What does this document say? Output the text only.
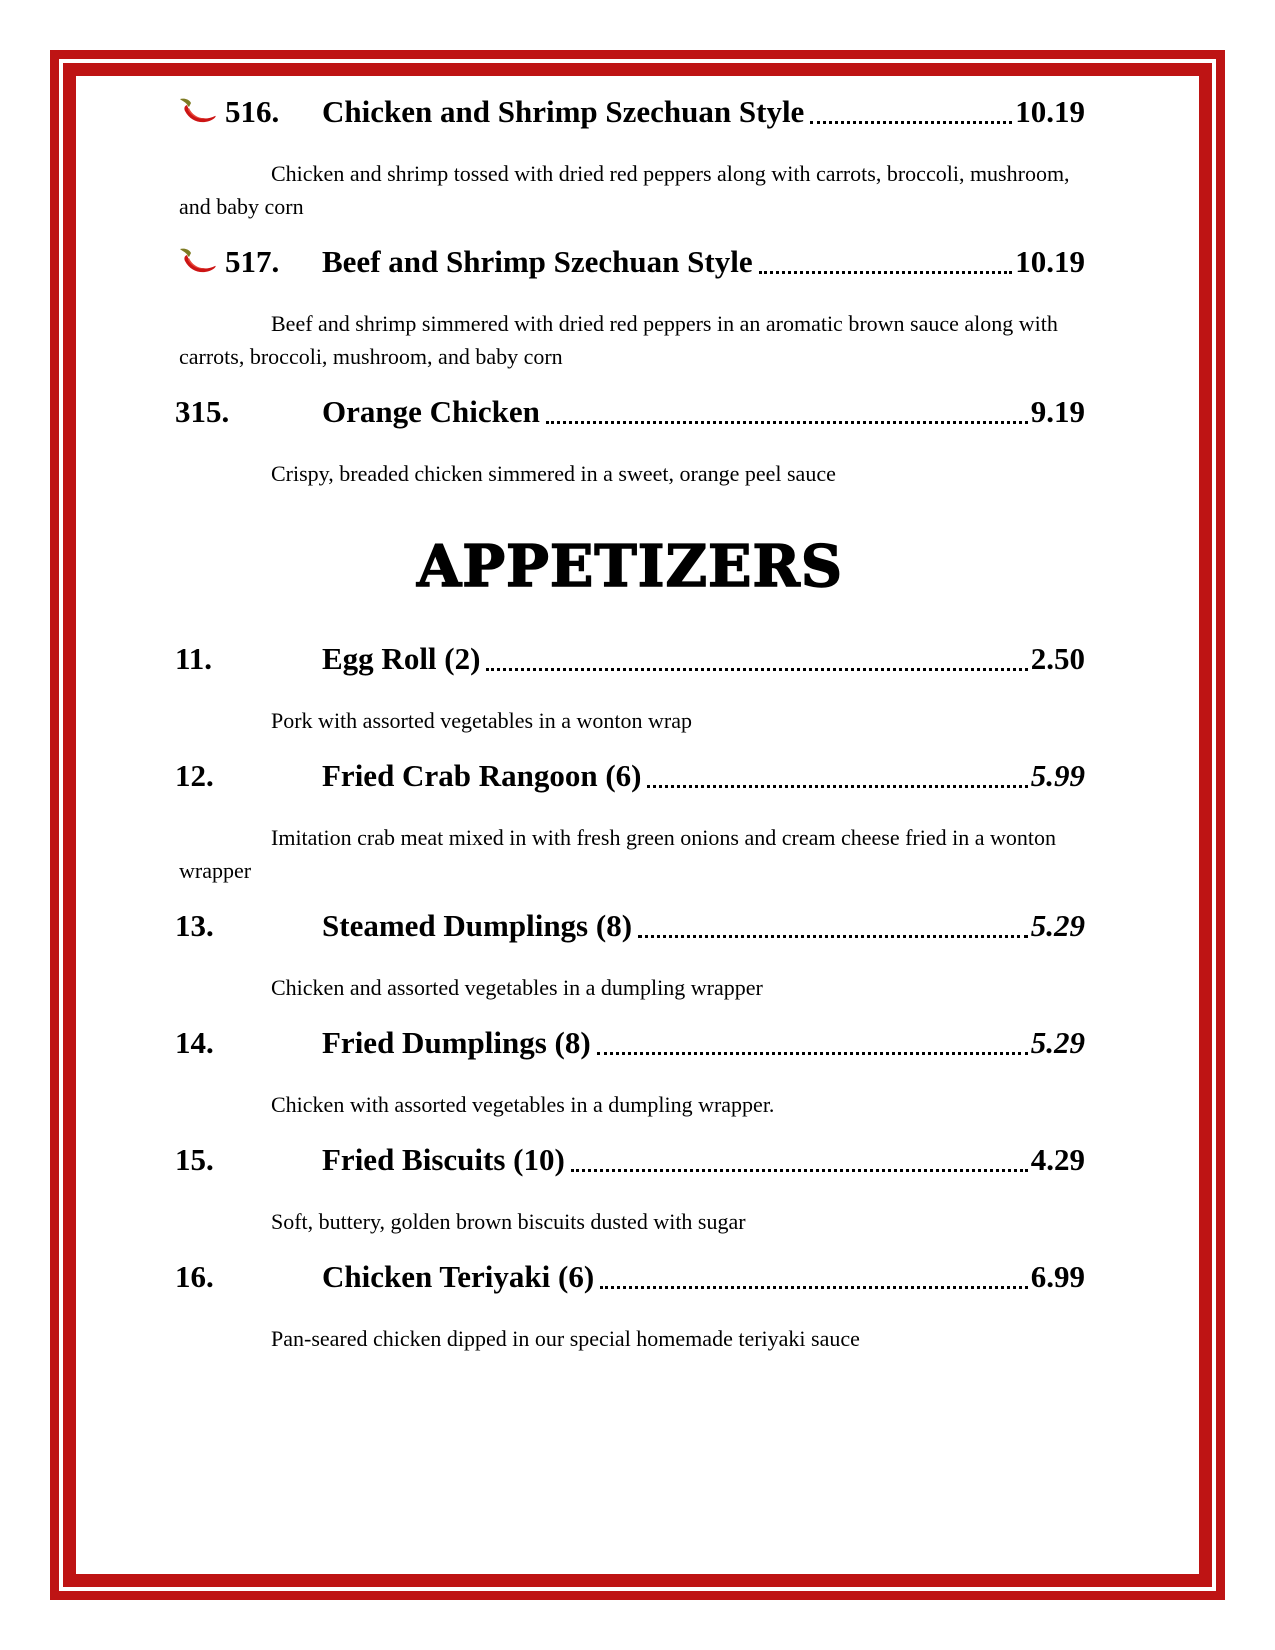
516. Chicken and Shrimp Szechuan Style	10.19
Chicken and shrimp tossed with dried red peppers along with carrots, broccoli, mushroom, and baby corn
517. Beef and Shrimp Szechuan Style	10.19
Beef and shrimp simmered with dried red peppers in an aromatic brown sauce along with carrots, broccoli, mushroom, and baby corn
315.	Orange Chicken	9.19
Crispy, breaded chicken simmered in a sweet, orange peel sauce
APPETIZERS
11.	Egg Roll (2)	2.50
Pork with assorted vegetables in a wonton wrap
12.	Fried Crab Rangoon (6)	5.99
Imitation crab meat mixed in with fresh green onions and cream cheese fried in a wonton wrapper
13.	Steamed Dumplings (8)	5.29
Chicken and assorted vegetables in a dumpling wrapper
14.	Fried Dumplings (8)	5.29
Chicken with assorted vegetables in a dumpling wrapper.
15.	Fried Biscuits (10)	4.29
Soft, buttery, golden brown biscuits dusted with sugar
16.	Chicken Teriyaki (6)	6.99
Pan-seared chicken dipped in our special homemade teriyaki sauce
